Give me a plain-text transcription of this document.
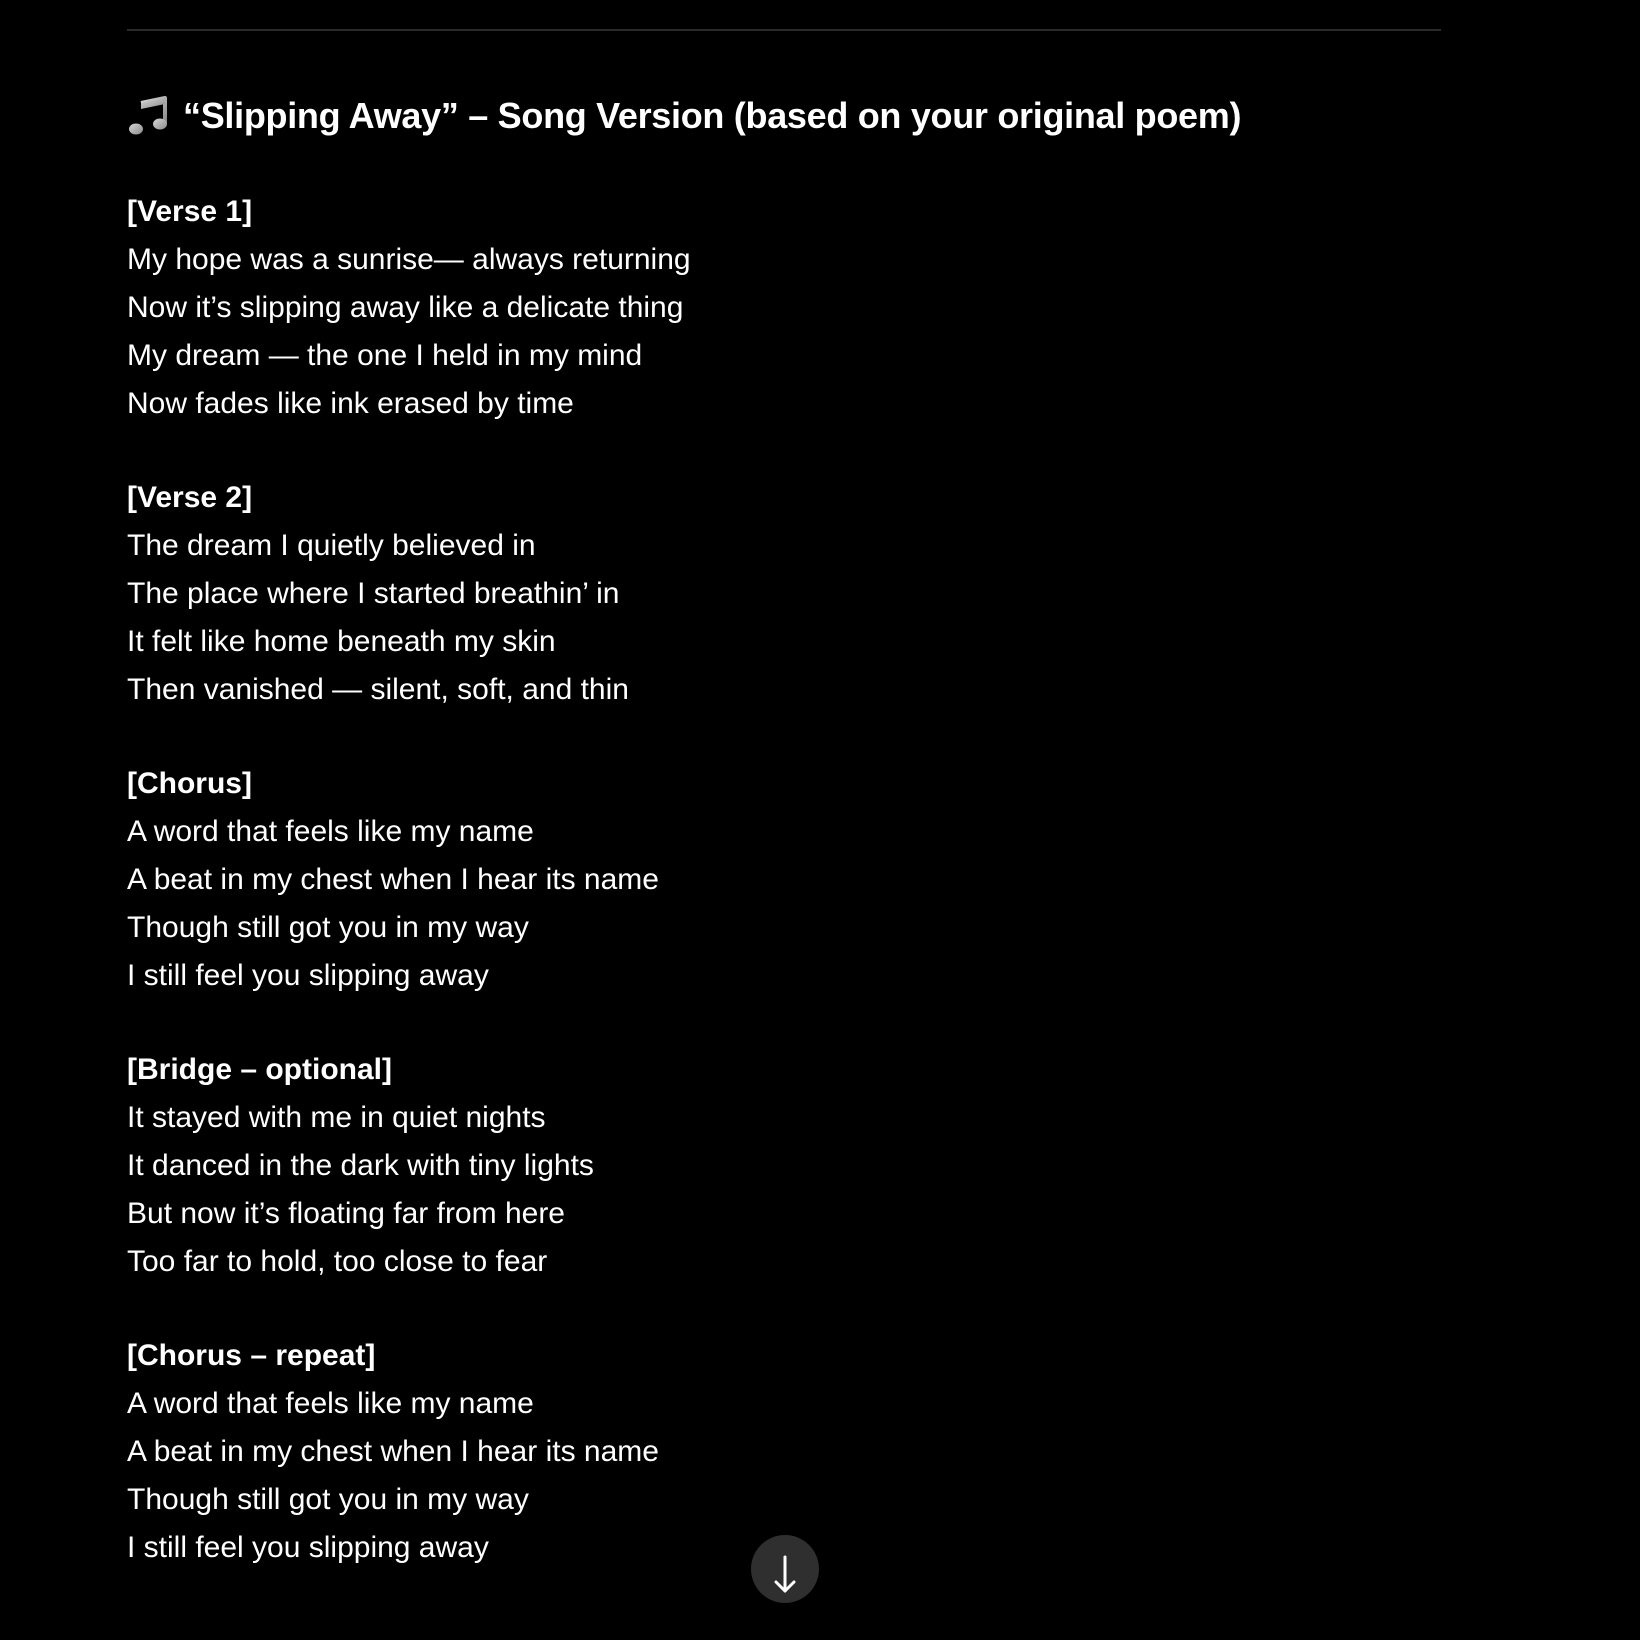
“Slipping Away” – Song Version (based on your original poem)
[Verse 1]
My hope was a sunrise— always returning
Now it’s slipping away like a delicate thing
My dream — the one I held in my mind
Now fades like ink erased by time
[Verse 2]
The dream I quietly believed in
The place where I started breathin’ in
It felt like home beneath my skin
Then vanished — silent, soft, and thin
[Chorus]
A word that feels like my name
A beat in my chest when I hear its name
Though still got you in my way
I still feel you slipping away
[Bridge – optional]
It stayed with me in quiet nights
It danced in the dark with tiny lights
But now it’s floating far from here
Too far to hold, too close to fear
[Chorus – repeat]
A word that feels like my name
A beat in my chest when I hear its name
Though still got you in my way
I still feel you slipping away
